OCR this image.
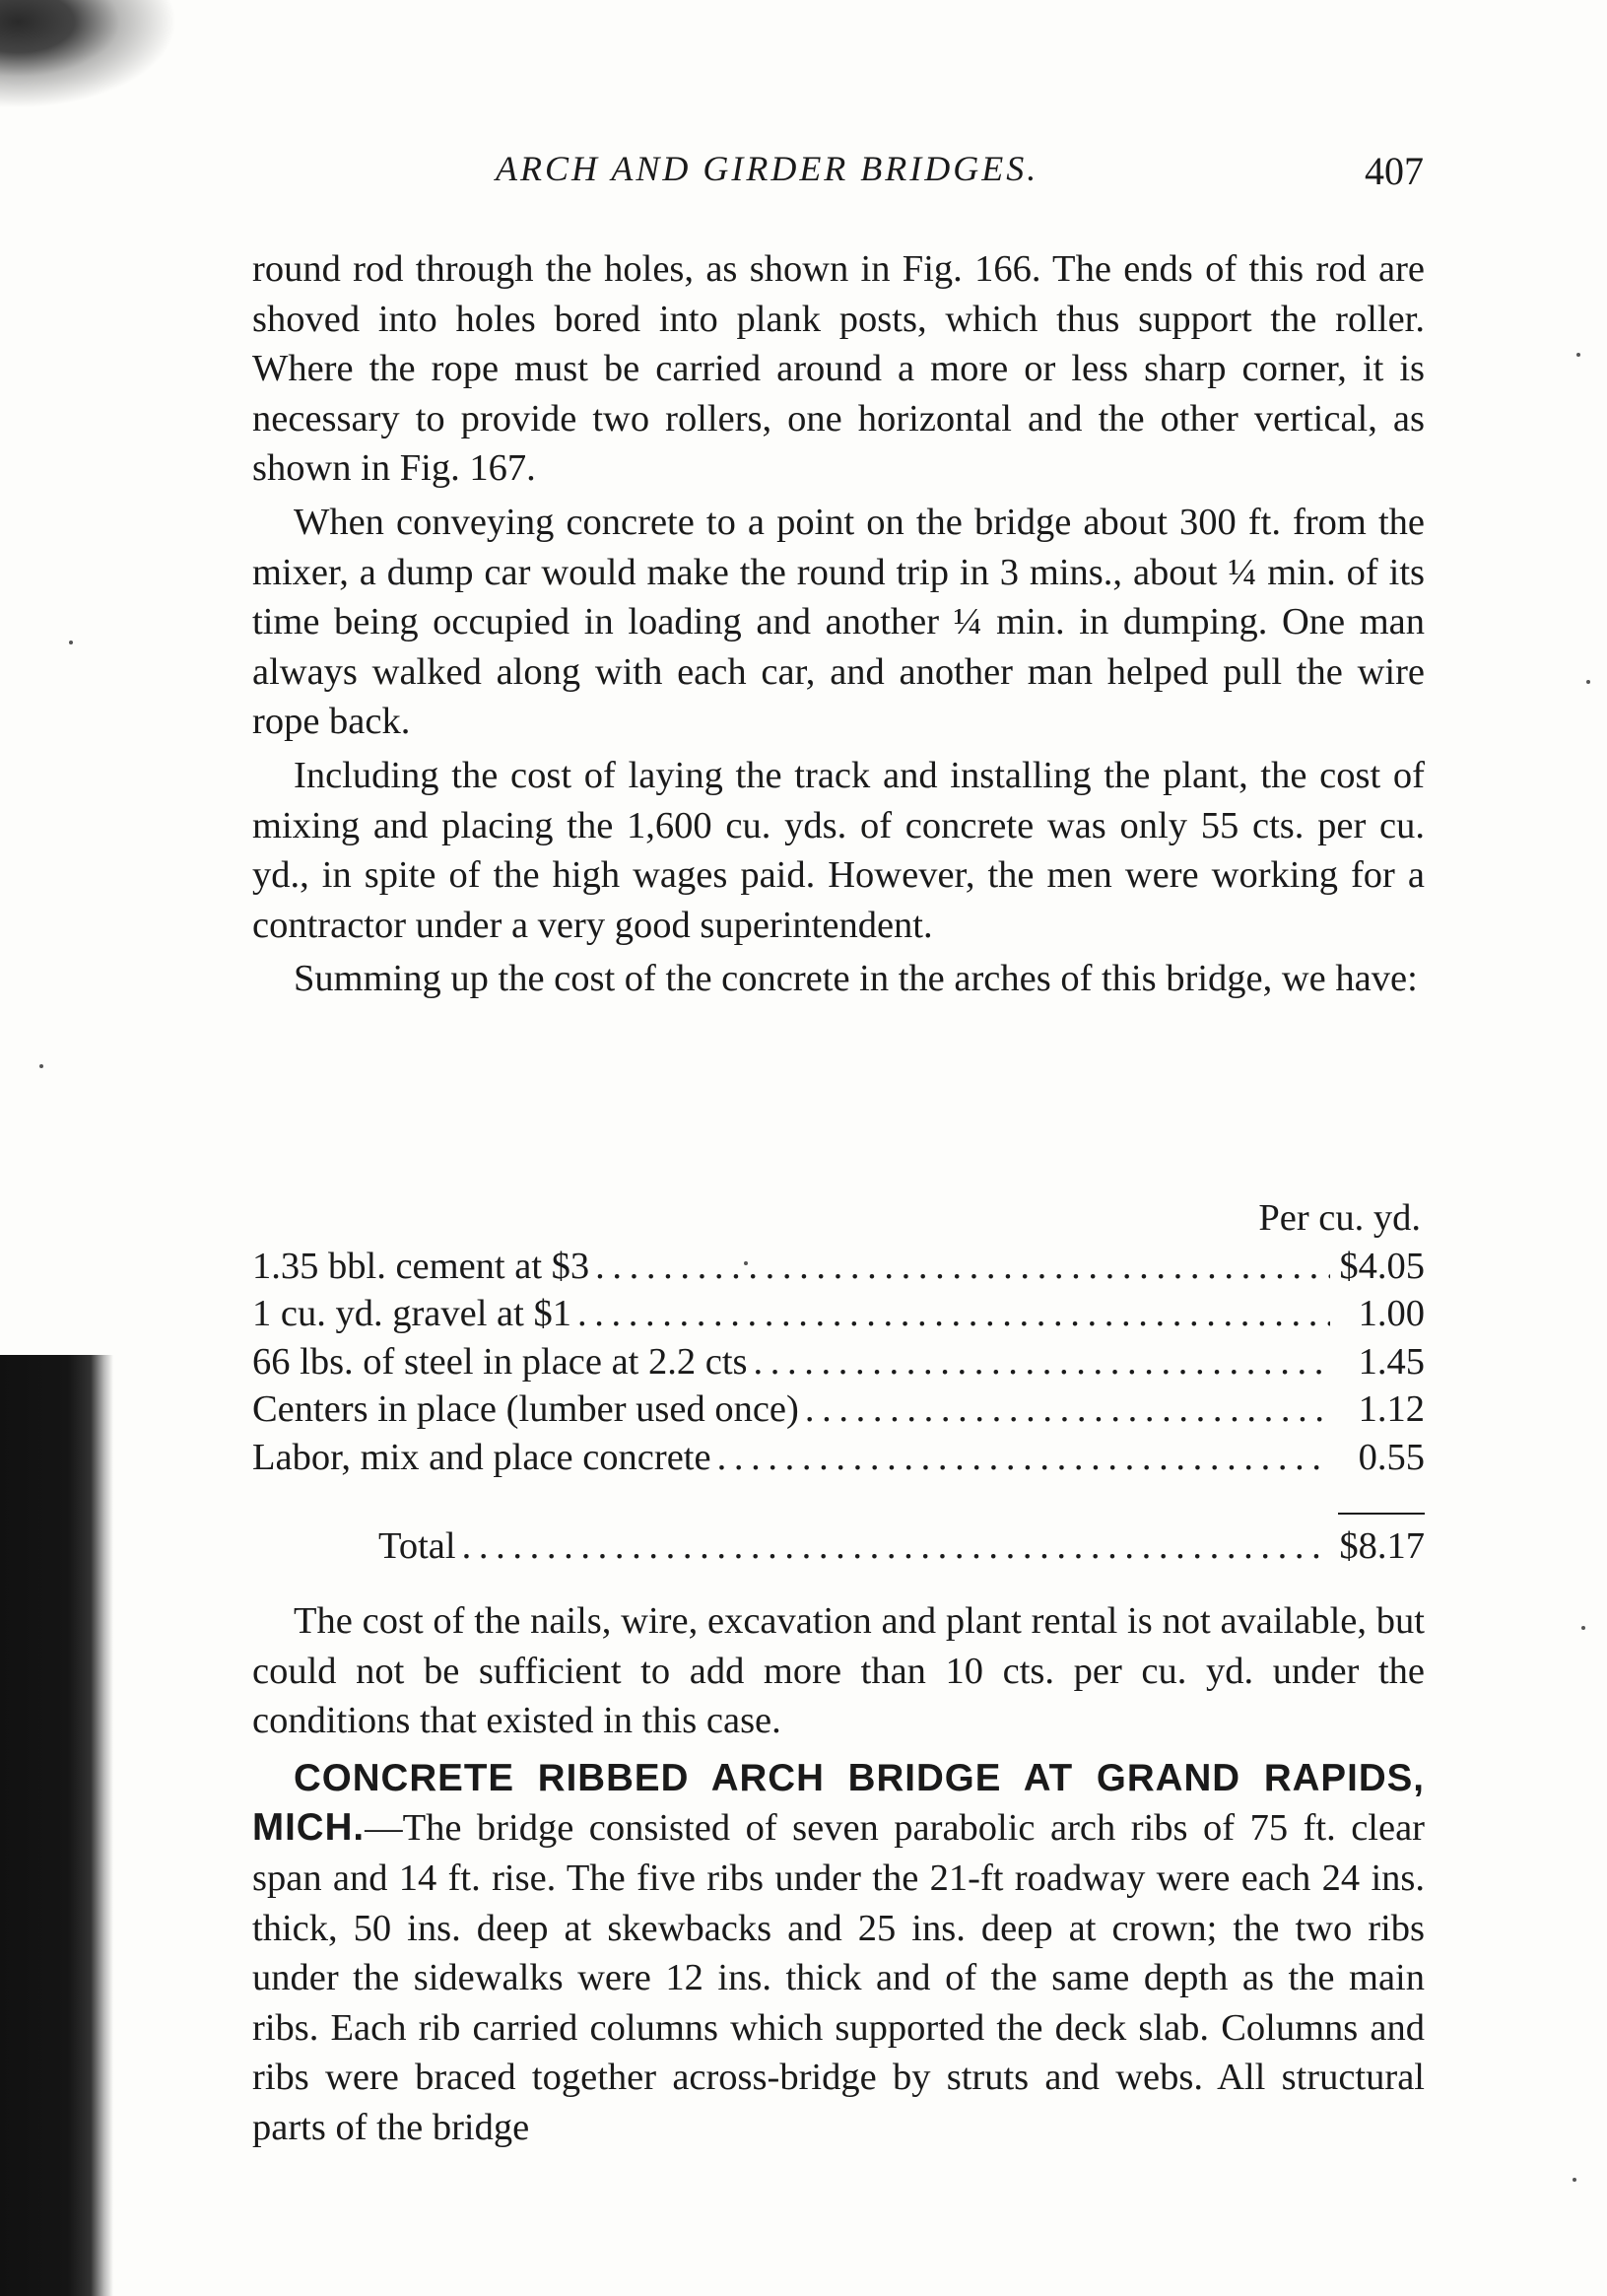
ARCH AND GIRDER BRIDGES.	407

round rod through the holes, as shown in Fig. 166. The ends of this rod are shoved into holes bored into plank posts, which thus support the roller. Where the rope must be carried around a more or less sharp corner, it is necessary to provide two rollers, one horizontal and the other vertical, as shown in Fig. 167.

When conveying concrete to a point on the bridge about 300 ft. from the mixer, a dump car would make the round trip in 3 mins., about ¼ min. of its time being occupied in loading and another ¼ min. in dumping. One man always walked along with each car, and another man helped pull the wire rope back.

Including the cost of laying the track and installing the plant, the cost of mixing and placing the 1,600 cu. yds. of concrete was only 55 cts. per cu. yd., in spite of the high wages paid. However, the men were working for a contractor under a very good superintendent.

Summing up the cost of the concrete in the arches of this bridge, we have:

Per cu. yd.
1.35 bbl. cement at $3 . . .	$4.05
1 cu. yd. gravel at $1 . . .	1.00
66 lbs. of steel in place at 2.2 cts . . .	1.45
Centers in place (lumber used once) . . .	1.12
Labor, mix and place concrete . . .	0.55
Total . . .	$8.17

The cost of the nails, wire, excavation and plant rental is not available, but could not be sufficient to add more than 10 cts. per cu. yd. under the conditions that existed in this case.

CONCRETE RIBBED ARCH BRIDGE AT GRAND RAPIDS, MICH.—The bridge consisted of seven parabolic arch ribs of 75 ft. clear span and 14 ft. rise. The five ribs under the 21-ft roadway were each 24 ins. thick, 50 ins. deep at skewbacks and 25 ins. deep at crown; the two ribs under the sidewalks were 12 ins. thick and of the same depth as the main ribs. Each rib carried columns which supported the deck slab. Columns and ribs were braced together across-bridge by struts and webs. All structural parts of the bridge
